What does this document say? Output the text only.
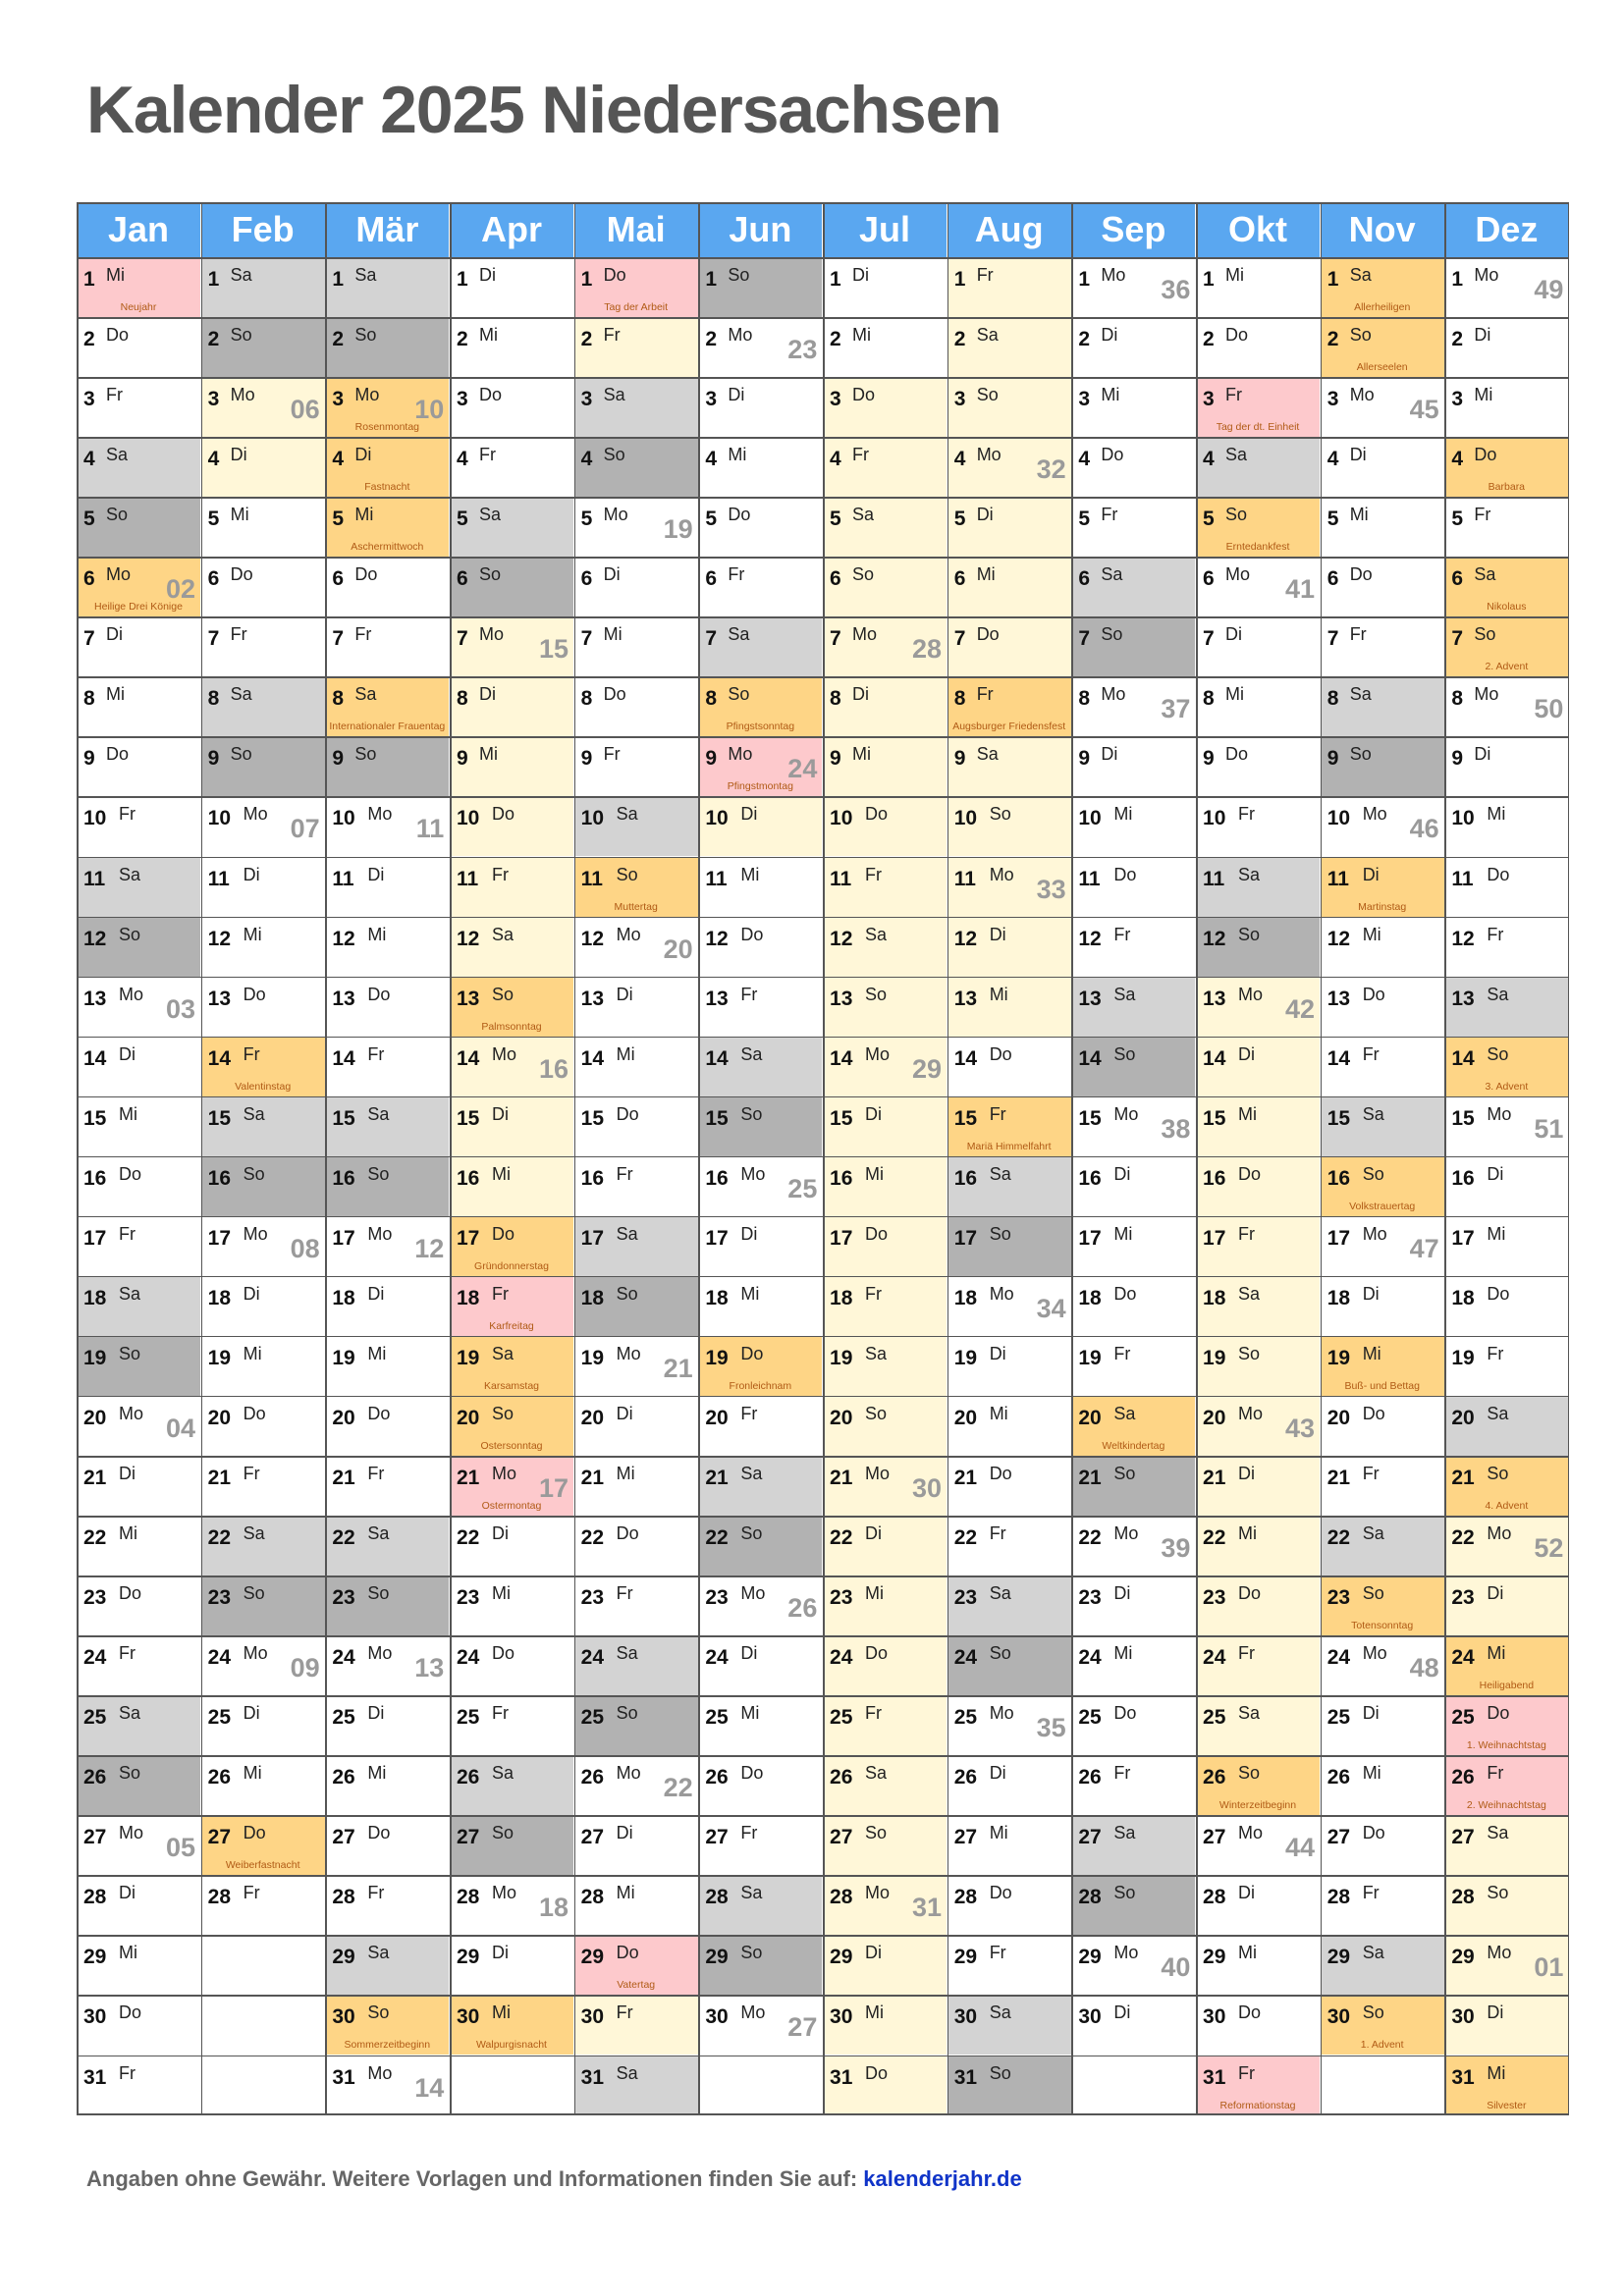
Kalender 2025 Niedersachsen
Jan
1 Mi
Neujahr
2 Do
3 Fr
4 Sa
5 So
6 Mo 02
Heilige Drei Könige
7 Di
8 Mi
9 Do
10 Fr
11 Sa
12 So
13 Mo 03
14 Di
15 Mi
16 Do
17 Fr
18 Sa
19 So
20 Mo 04
21 Di
22 Mi
23 Do
24 Fr
25 Sa
26 So
27 Mo 05
28 Di
29 Mi
30 Do
31 Fr
Feb
1 Sa
2 So
3 Mo 06
4 Di
5 Mi
6 Do
7 Fr
8 Sa
9 So
10 Mo 07
11 Di
12 Mi
13 Do
14 Fr
Valentinstag
15 Sa
16 So
17 Mo 08
18 Di
19 Mi
20 Do
21 Fr
22 Sa
23 So
24 Mo 09
25 Di
26 Mi
27 Do
Weiberfastnacht
28 Fr
Mär
1 Sa
2 So
3 Mo 10
Rosenmontag
4 Di
Fastnacht
5 Mi
Aschermittwoch
6 Do
7 Fr
8 Sa
Internationaler Frauentag
9 So
10 Mo 11
11 Di
12 Mi
13 Do
14 Fr
15 Sa
16 So
17 Mo 12
18 Di
19 Mi
20 Do
21 Fr
22 Sa
23 So
24 Mo 13
25 Di
26 Mi
27 Do
28 Fr
29 Sa
30 So
Sommerzeitbeginn
31 Mo 14
Apr
1 Di
2 Mi
3 Do
4 Fr
5 Sa
6 So
7 Mo 15
8 Di
9 Mi
10 Do
11 Fr
12 Sa
13 So
Palmsonntag
14 Mo 16
15 Di
16 Mi
17 Do
Gründonnerstag
18 Fr
Karfreitag
19 Sa
Karsamstag
20 So
Ostersonntag
21 Mo 17
Ostermontag
22 Di
23 Mi
24 Do
25 Fr
26 Sa
27 So
28 Mo 18
29 Di
30 Mi
Walpurgisnacht
Mai
1 Do
Tag der Arbeit
2 Fr
3 Sa
4 So
5 Mo 19
6 Di
7 Mi
8 Do
9 Fr
10 Sa
11 So
Muttertag
12 Mo 20
13 Di
14 Mi
15 Do
16 Fr
17 Sa
18 So
19 Mo 21
20 Di
21 Mi
22 Do
23 Fr
24 Sa
25 So
26 Mo 22
27 Di
28 Mi
29 Do
Vatertag
30 Fr
31 Sa
Jun
1 So
2 Mo 23
3 Di
4 Mi
5 Do
6 Fr
7 Sa
8 So
Pfingstsonntag
9 Mo 24
Pfingstmontag
10 Di
11 Mi
12 Do
13 Fr
14 Sa
15 So
16 Mo 25
17 Di
18 Mi
19 Do
Fronleichnam
20 Fr
21 Sa
22 So
23 Mo 26
24 Di
25 Mi
26 Do
27 Fr
28 Sa
29 So
30 Mo 27
Jul
1 Di
2 Mi
3 Do
4 Fr
5 Sa
6 So
7 Mo 28
8 Di
9 Mi
10 Do
11 Fr
12 Sa
13 So
14 Mo 29
15 Di
16 Mi
17 Do
18 Fr
19 Sa
20 So
21 Mo 30
22 Di
23 Mi
24 Do
25 Fr
26 Sa
27 So
28 Mo 31
29 Di
30 Mi
31 Do
Aug
1 Fr
2 Sa
3 So
4 Mo 32
5 Di
6 Mi
7 Do
8 Fr
Augsburger Friedensfest
9 Sa
10 So
11 Mo 33
12 Di
13 Mi
14 Do
15 Fr
Mariä Himmelfahrt
16 Sa
17 So
18 Mo 34
19 Di
20 Mi
21 Do
22 Fr
23 Sa
24 So
25 Mo 35
26 Di
27 Mi
28 Do
29 Fr
30 Sa
31 So
Sep
1 Mo 36
2 Di
3 Mi
4 Do
5 Fr
6 Sa
7 So
8 Mo 37
9 Di
10 Mi
11 Do
12 Fr
13 Sa
14 So
15 Mo 38
16 Di
17 Mi
18 Do
19 Fr
20 Sa
Weltkindertag
21 So
22 Mo 39
23 Di
24 Mi
25 Do
26 Fr
27 Sa
28 So
29 Mo 40
30 Di
Okt
1 Mi
2 Do
3 Fr
Tag der dt. Einheit
4 Sa
5 So
Erntedankfest
6 Mo 41
7 Di
8 Mi
9 Do
10 Fr
11 Sa
12 So
13 Mo 42
14 Di
15 Mi
16 Do
17 Fr
18 Sa
19 So
20 Mo 43
21 Di
22 Mi
23 Do
24 Fr
25 Sa
26 So
Winterzeitbeginn
27 Mo 44
28 Di
29 Mi
30 Do
31 Fr
Reformationstag
Nov
1 Sa
Allerheiligen
2 So
Allerseelen
3 Mo 45
4 Di
5 Mi
6 Do
7 Fr
8 Sa
9 So
10 Mo 46
11 Di
Martinstag
12 Mi
13 Do
14 Fr
15 Sa
16 So
Volkstrauertag
17 Mo 47
18 Di
19 Mi
Buß- und Bettag
20 Do
21 Fr
22 Sa
23 So
Totensonntag
24 Mo 48
25 Di
26 Mi
27 Do
28 Fr
29 Sa
30 So
1. Advent
Dez
1 Mo 49
2 Di
3 Mi
4 Do
Barbara
5 Fr
6 Sa
Nikolaus
7 So
2. Advent
8 Mo 50
9 Di
10 Mi
11 Do
12 Fr
13 Sa
14 So
3. Advent
15 Mo 51
16 Di
17 Mi
18 Do
19 Fr
20 Sa
21 So
4. Advent
22 Mo 52
23 Di
24 Mi
Heiligabend
25 Do
1. Weihnachtstag
26 Fr
2. Weihnachtstag
27 Sa
28 So
29 Mo 01
30 Di
31 Mi
Silvester
Angaben ohne Gewähr. Weitere Vorlagen und Informationen finden Sie auf: kalenderjahr.de
